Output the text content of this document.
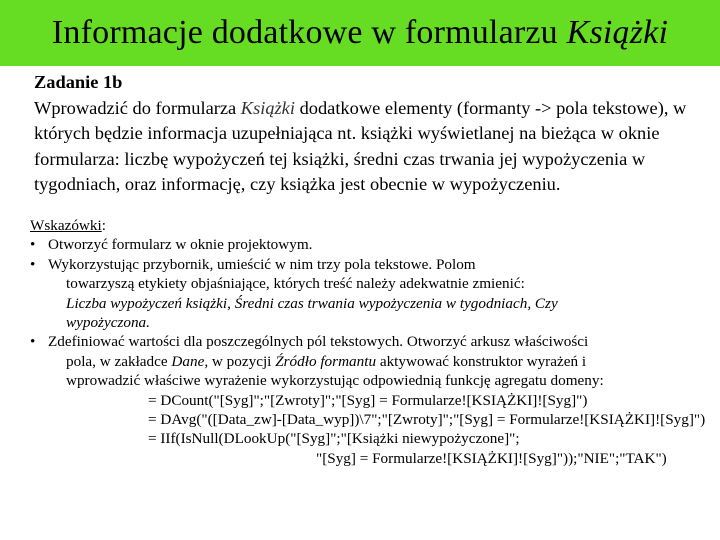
Informacje dodatkowe w formularzu Książki

Zadanie 1b

Wprowadzić do formularza Książki dodatkowe elementy (formanty -> pola tekstowe), w których będzie informacja uzupełniająca nt. książki wyświetlanej na bieżąca w oknie formularza: liczbę wypożyczeń tej książki, średni czas trwania jej wypożyczenia w tygodniach, oraz informację, czy książka jest obecnie w wypożyczeniu.

Wskazówki:
• Otworzyć formularz w oknie projektowym.
• Wykorzystując przybornik, umieścić w nim trzy pola tekstowe. Polom
towarzyszą etykiety objaśniające, których treść należy adekwatnie zmienić:
Liczba wypożyczeń książki, Średni czas trwania wypożyczenia w tygodniach, Czy
wypożyczona.
• Zdefiniować wartości dla poszczególnych pól tekstowych. Otworzyć arkusz właściwości
pola, w zakładce Dane, w pozycji Źródło formantu aktywować konstruktor wyrażeń i
wprowadzić właściwe wyrażenie wykorzystując odpowiednią funkcję agregatu domeny:
= DCount("[Syg]";"[Zwroty]";"[Syg] = Formularze![KSIĄŻKI]![Syg]")
= DAvg("([Data_zw]-[Data_wyp])\7";"[Zwroty]";"[Syg] = Formularze![KSIĄŻKI]![Syg]")
= IIf(IsNull(DLookUp("[Syg]";"[Książki niewypożyczone]";
"[Syg] = Formularze![KSIĄŻKI]![Syg]"));"NIE";"TAK")
